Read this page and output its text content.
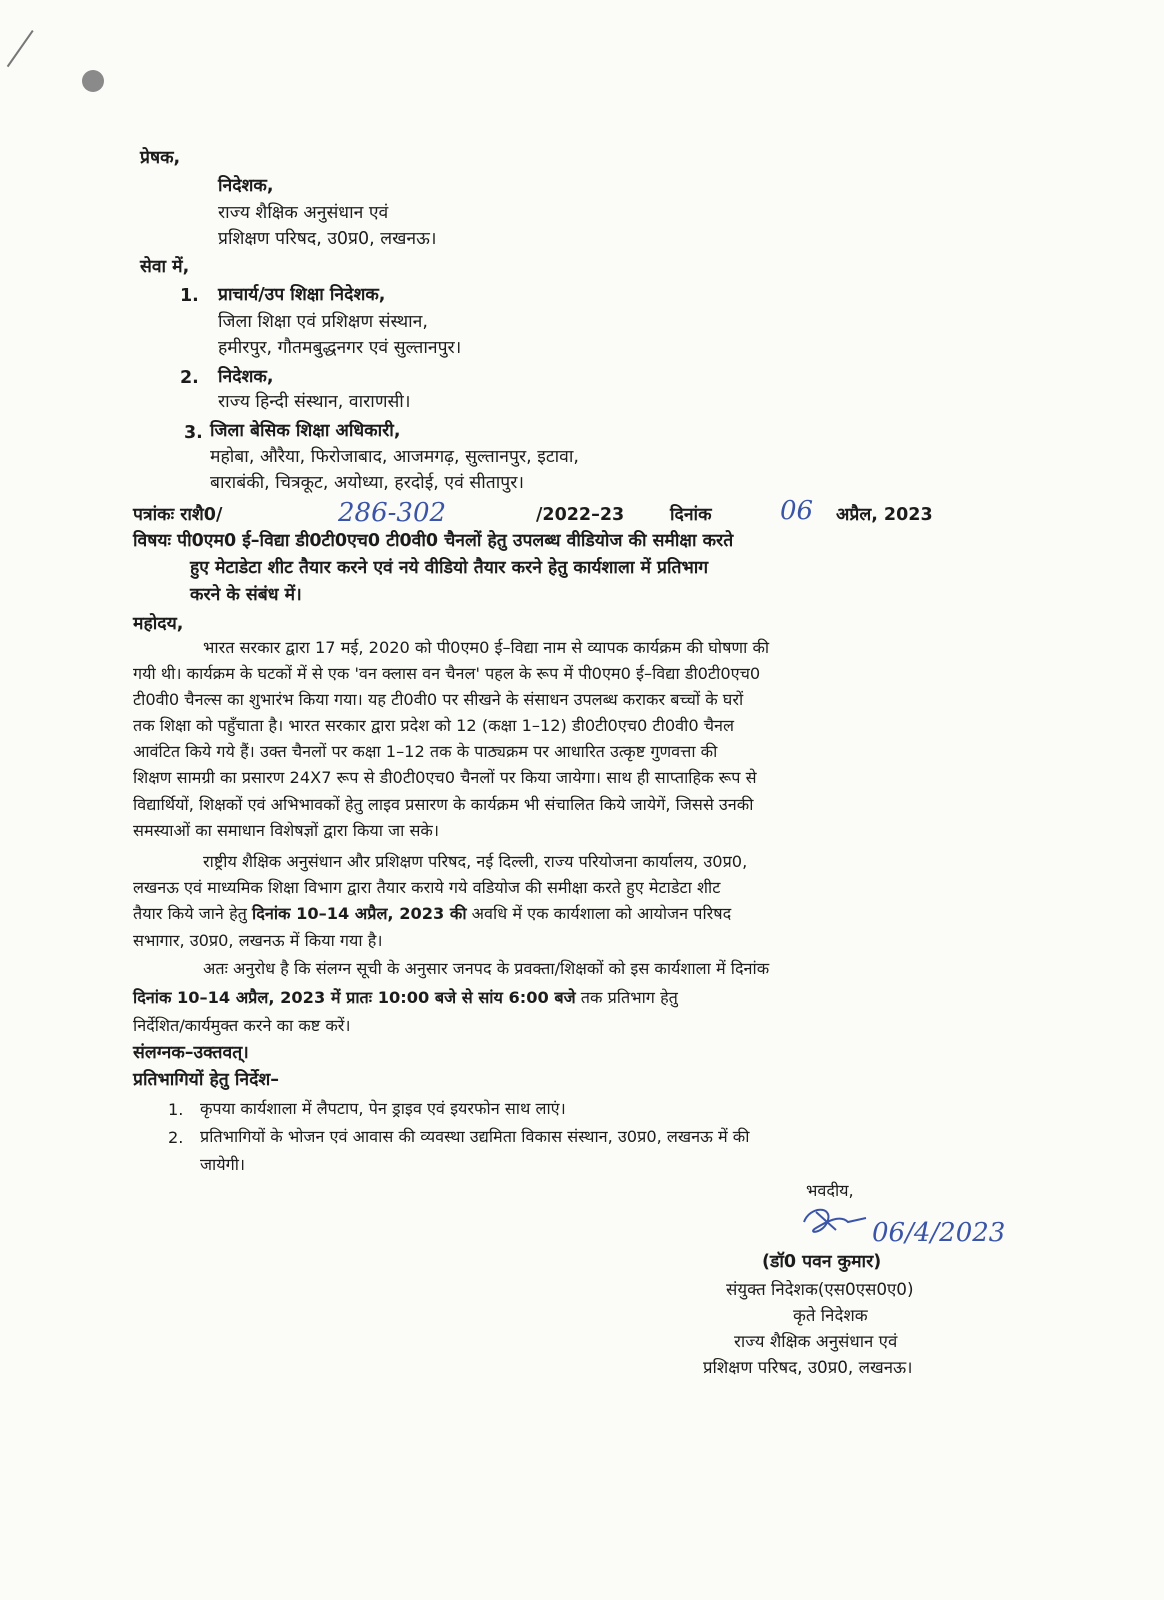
प्रेषक,
निदेशक,
राज्य शैक्षिक अनुसंधान एवं
प्रशिक्षण परिषद, उ0प्र0, लखनऊ।
सेवा में,
1. प्राचार्य/उप शिक्षा निदेशक,
जिला शिक्षा एवं प्रशिक्षण संस्थान,
हमीरपुर, गौतमबुद्धनगर एवं सुल्तानपुर।
2. निदेशक,
राज्य हिन्दी संस्थान, वाराणसी।
3. जिला बेसिक शिक्षा अधिकारी,
महोबा, औरैया, फिरोजाबाद, आजमगढ़, सुल्तानपुर, इटावा,
बाराबंकी, चित्रकूट, अयोध्या, हरदोई, एवं सीतापुर।
पत्रांकः राशै0/	286-302	/2022–23	दिनांक	06 अप्रैल, 2023
विषयः पी0एम0 ई–विद्या डी0टी0एच0 टी0वी0 चैनलों हेतु उपलब्ध वीडियोज की समीक्षा करते
हुए मेटाडेटा शीट तैयार करने एवं नये वीडियो तैयार करने हेतु कार्यशाला में प्रतिभाग
करने के संबंध में।
महोदय,
भारत सरकार द्वारा 17 मई, 2020 को पी0एम0 ई–विद्या नाम से व्यापक कार्यक्रम की घोषणा की
गयी थी। कार्यक्रम के घटकों में से एक 'वन क्लास वन चैनल' पहल के रूप में पी0एम0 ई–विद्या डी0टी0एच0
टी0वी0 चैनल्स का शुभारंभ किया गया। यह टी0वी0 पर सीखने के संसाधन उपलब्ध कराकर बच्चों के घरों
तक शिक्षा को पहुँचाता है। भारत सरकार द्वारा प्रदेश को 12 (कक्षा 1–12) डी0टी0एच0 टी0वी0 चैनल
आवंटित किये गये हैं। उक्त चैनलों पर कक्षा 1–12 तक के पाठ्यक्रम पर आधारित उत्कृष्ट गुणवत्ता की
शिक्षण सामग्री का प्रसारण 24X7 रूप से डी0टी0एच0 चैनलों पर किया जायेगा। साथ ही साप्ताहिक रूप से
विद्यार्थियों, शिक्षकों एवं अभिभावकों हेतु लाइव प्रसारण के कार्यक्रम भी संचालित किये जायेगें, जिससे उनकी
समस्याओं का समाधान विशेषज्ञों द्वारा किया जा सके।
राष्ट्रीय शैक्षिक अनुसंधान और प्रशिक्षण परिषद, नई दिल्ली, राज्य परियोजना कार्यालय, उ0प्र0,
लखनऊ एवं माध्यमिक शिक्षा विभाग द्वारा तैयार कराये गये वडियोज की समीक्षा करते हुए मेटाडेटा शीट
तैयार किये जाने हेतु दिनांक 10–14 अप्रैल, 2023 की अवधि में एक कार्यशाला को आयोजन परिषद
सभागार, उ0प्र0, लखनऊ में किया गया है।
अतः अनुरोध है कि संलग्न सूची के अनुसार जनपद के प्रवक्ता/शिक्षकों को इस कार्यशाला में दिनांक
दिनांक 10–14 अप्रैल, 2023 में प्रातः 10:00 बजे से सांय 6:00 बजे तक प्रतिभाग हेतु
निर्देशित/कार्यमुक्त करने का कष्ट करें।
संलग्नक–उक्तवत्।
प्रतिभागियों हेतु निर्देश–
1. कृपया कार्यशाला में लैपटाप, पेन ड्राइव एवं इयरफोन साथ लाएं।
2. प्रतिभागियों के भोजन एवं आवास की व्यवस्था उद्यमिता विकास संस्थान, उ0प्र0, लखनऊ में की
जायेगी।
भवदीय,
06/4/2023
(डॉ0 पवन कुमार)
संयुक्त निदेशक(एस0एस0ए0)
कृते निदेशक
राज्य शैक्षिक अनुसंधान एवं
प्रशिक्षण परिषद, उ0प्र0, लखनऊ।
